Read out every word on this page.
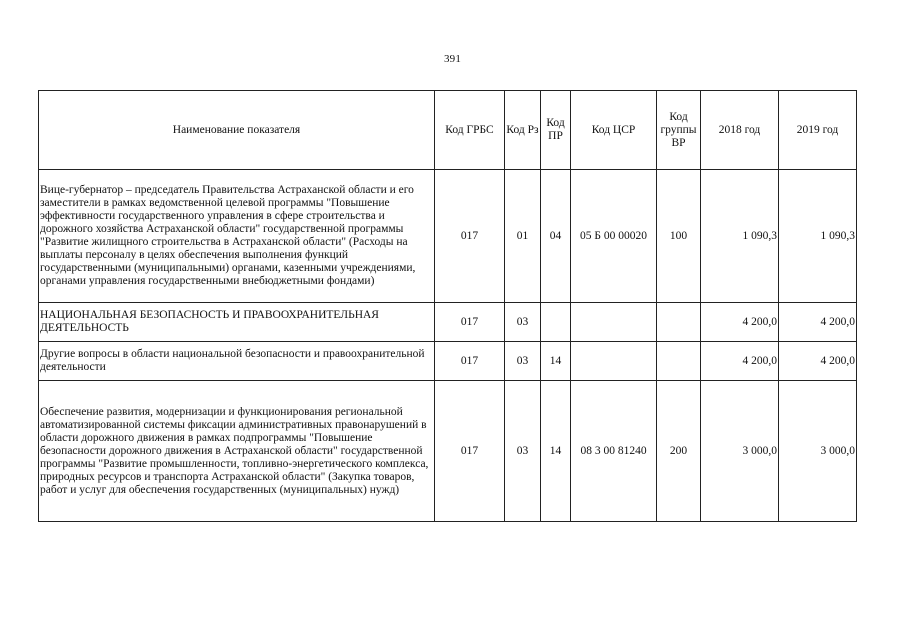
391
Наименование показателя	Код ГРБС	Код Рз	Код ПР	Код ЦСР	Код группы ВР	2018 год	2019 год
Вице-губернатор – председатель Правительства Астраханской области и его заместители в рамках ведомственной целевой программы "Повышение эффективности государственного управления в сфере строительства и дорожного хозяйства Астраханской области" государственной программы "Развитие жилищного строительства в Астраханской области" (Расходы на выплаты персоналу в целях обеспечения выполнения функций государственными (муниципальными) органами, казенными учреждениями, органами управления государственными внебюджетными фондами)	017	01	04	05 Б 00 00020	100	1 090,3	1 090,3
НАЦИОНАЛЬНАЯ БЕЗОПАСНОСТЬ И ПРАВООХРАНИТЕЛЬНАЯ ДЕЯТЕЛЬНОСТЬ	017	03				4 200,0	4 200,0
Другие вопросы в области национальной безопасности и правоохранительной деятельности	017	03	14			4 200,0	4 200,0
Обеспечение развития, модернизации и функционирования региональной автоматизированной системы фиксации административных правонарушений в области дорожного движения в рамках подпрограммы "Повышение безопасности дорожного движения в Астраханской области" государственной программы "Развитие промышленности, топливно-энергетического комплекса, природных ресурсов и транспорта Астраханской области" (Закупка товаров, работ и услуг для обеспечения государственных (муниципальных) нужд)	017	03	14	08 3 00 81240	200	3 000,0	3 000,0
